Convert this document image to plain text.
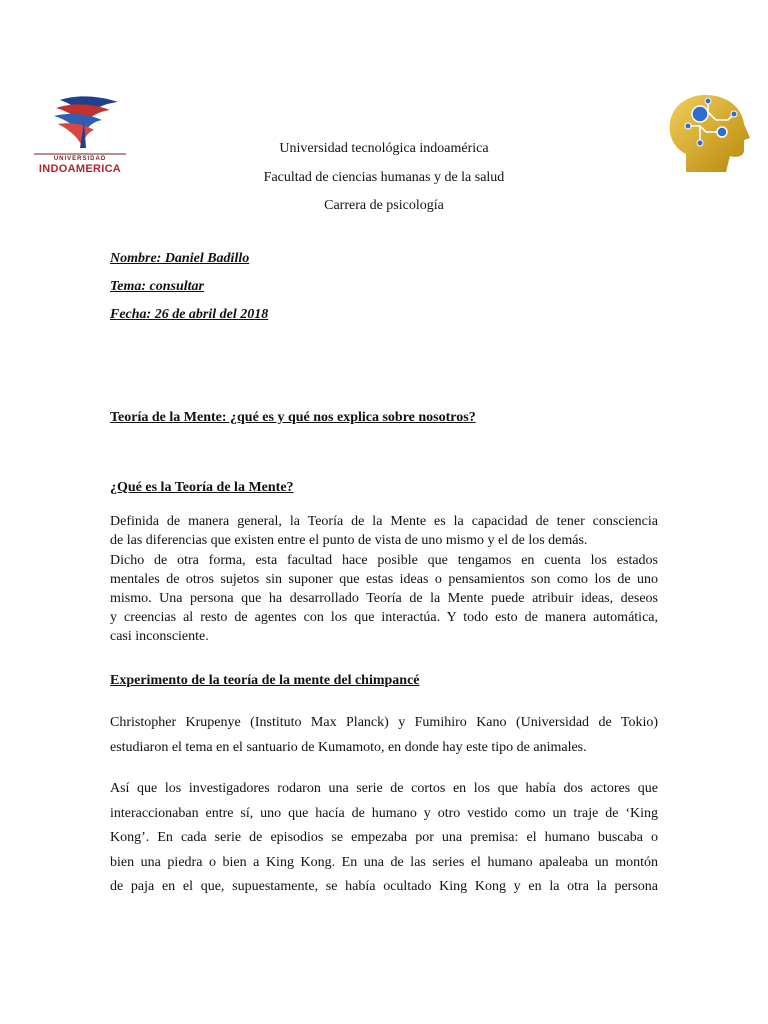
UNIVERSIDAD
INDOAMERICA
Universidad tecnológica indoamérica
Facultad de ciencias humanas y de la salud
Carrera de psicología
Nombre: Daniel Badillo
Tema: consultar
Fecha: 26 de abril del 2018
Teoría de la Mente: ¿qué es y qué nos explica sobre nosotros?
¿Qué es la Teoría de la Mente?
Definida de manera general, la Teoría de la Mente es la capacidad de tener consciencia
de las diferencias que existen entre el punto de vista de uno mismo y el de los demás.
Dicho de otra forma, esta facultad hace posible que tengamos en cuenta los estados
mentales de otros sujetos sin suponer que estas ideas o pensamientos son como los de uno
mismo. Una persona que ha desarrollado Teoría de la Mente puede atribuir ideas, deseos
y creencias al resto de agentes con los que interactúa. Y todo esto de manera automática,
casi inconsciente.
Experimento de la teoría de la mente del chimpancé
Christopher Krupenye (Instituto Max Planck) y Fumihiro Kano (Universidad de Tokio)
estudiaron el tema en el santuario de Kumamoto, en donde hay este tipo de animales.
Así que los investigadores rodaron una serie de cortos en los que había dos actores que
interaccionaban entre sí, uno que hacía de humano y otro vestido como un traje de ‘King
Kong’. En cada serie de episodios se empezaba por una premisa: el humano buscaba o
bien una piedra o bien a King Kong. En una de las series el humano apaleaba un montón
de paja en el que, supuestamente, se había ocultado King Kong y en la otra la persona
